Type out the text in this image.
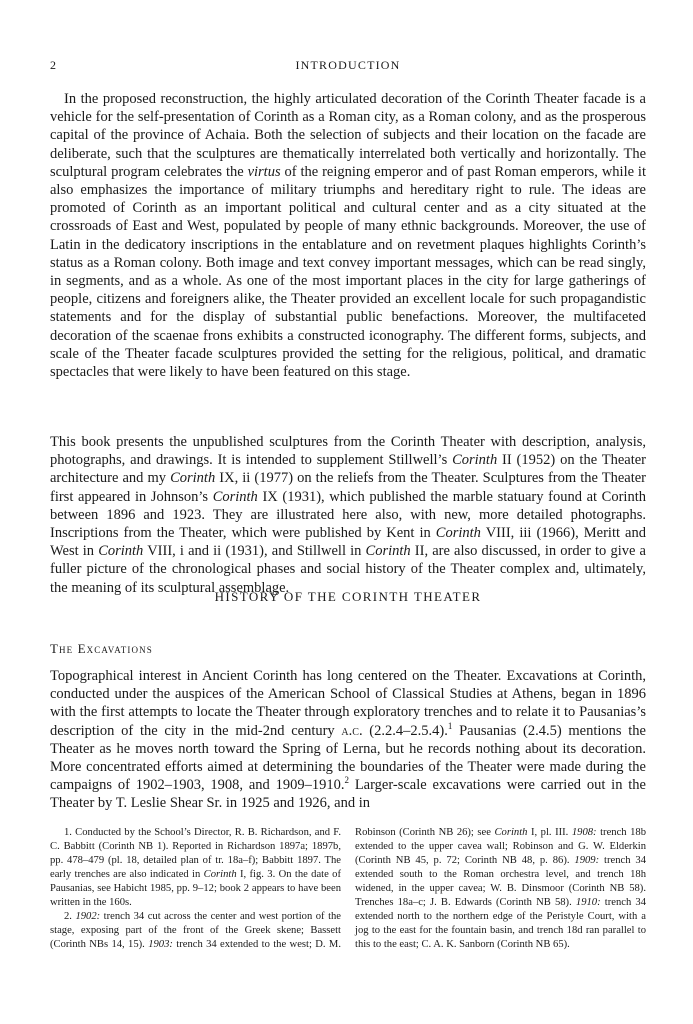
2	INTRODUCTION

In the proposed reconstruction, the highly articulated decoration of the Corinth Theater facade is a vehicle for the self-presentation of Corinth as a Roman city, as a Roman colony, and as the prosperous capital of the province of Achaia. Both the selection of subjects and their location on the facade are deliberate, such that the sculptures are thematically interrelated both vertically and horizontally. The sculptural program celebrates the virtus of the reigning emperor and of past Roman emperors, while it also emphasizes the importance of military triumphs and hereditary right to rule. The ideas are promoted of Corinth as an important political and cultural center and as a city situated at the crossroads of East and West, populated by people of many ethnic backgrounds. Moreover, the use of Latin in the dedicatory inscriptions in the entablature and on revetment plaques highlights Corinth’s status as a Roman colony. Both image and text convey important messages, which can be read singly, in segments, and as a whole. As one of the most important places in the city for large gatherings of people, citizens and foreigners alike, the Theater provided an excellent locale for such propagandistic statements and for the display of substantial public benefactions. Moreover, the multifaceted decoration of the scaenae frons exhibits a constructed iconography. The different forms, subjects, and scale of the Theater facade sculptures provided the setting for the religious, political, and dramatic spectacles that were likely to have been featured on this stage.

This book presents the unpublished sculptures from the Corinth Theater with description, analysis, photographs, and drawings. It is intended to supplement Stillwell’s Corinth II (1952) on the Theater architecture and my Corinth IX, ii (1977) on the reliefs from the Theater. Sculptures from the Theater first appeared in Johnson’s Corinth IX (1931), which published the marble statuary found at Corinth between 1896 and 1923. They are illustrated here also, with new, more detailed photographs. Inscriptions from the Theater, which were published by Kent in Corinth VIII, iii (1966), Meritt and West in Corinth VIII, i and ii (1931), and Stillwell in Corinth II, are also discussed, in order to give a fuller picture of the chronological phases and social history of the Theater complex and, ultimately, the meaning of its sculptural assemblage.

HISTORY OF THE CORINTH THEATER
The Excavations

Topographical interest in Ancient Corinth has long centered on the Theater. Excavations at Corinth, conducted under the auspices of the American School of Classical Studies at Athens, began in 1896 with the first attempts to locate the Theater through exploratory trenches and to relate it to Pausanias’s description of the city in the mid-2nd century a.c. (2.2.4–2.5.4).$^1$ Pausanias (2.4.5) mentions the Theater as he moves north toward the Spring of Lerna, but he records nothing about its decoration. More concentrated efforts aimed at determining the boundaries of the Theater were made during the campaigns of 1902–1903, 1908, and 1909–1910.$^2$ Larger-scale excavations were carried out in the Theater by T. Leslie Shear Sr. in 1925 and 1926, and in

1. Conducted by the School’s Director, R. B. Richardson, and F. C. Babbitt (Corinth NB 1). Reported in Richardson 1897a; 1897b, pp. 478–479 (pl. 18, detailed plan of tr. 18a–f); Babbitt 1897. The early trenches are also indicated in Corinth I, fig. 3. On the date of Pausanias, see Habicht 1985, pp. 9–12; book 2 appears to have been written in the 160s.

2. 1902: trench 34 cut across the center and west portion of the stage, exposing part of the front of the Greek skene; Bassett (Corinth NBs 14, 15). 1903: trench 34 extended to the west; D. M. Robinson (Corinth NB 26); see Corinth I, pl. III. 1908: trench 18b extended to the upper cavea wall; Robinson and G. W. Elderkin (Corinth NB 45, p. 72; Corinth NB 48, p. 86). 1909: trench 34 extended south to the Roman orchestra level, and trench 18h widened, in the upper cavea; W. B. Dinsmoor (Corinth NB 58). Trenches 18a–c; J. B. Edwards (Corinth NB 58). 1910: trench 34 extended north to the northern edge of the Peristyle Court, with a jog to the east for the fountain basin, and trench 18d ran parallel to this to the east; C. A. K. Sanborn (Corinth NB 65).
